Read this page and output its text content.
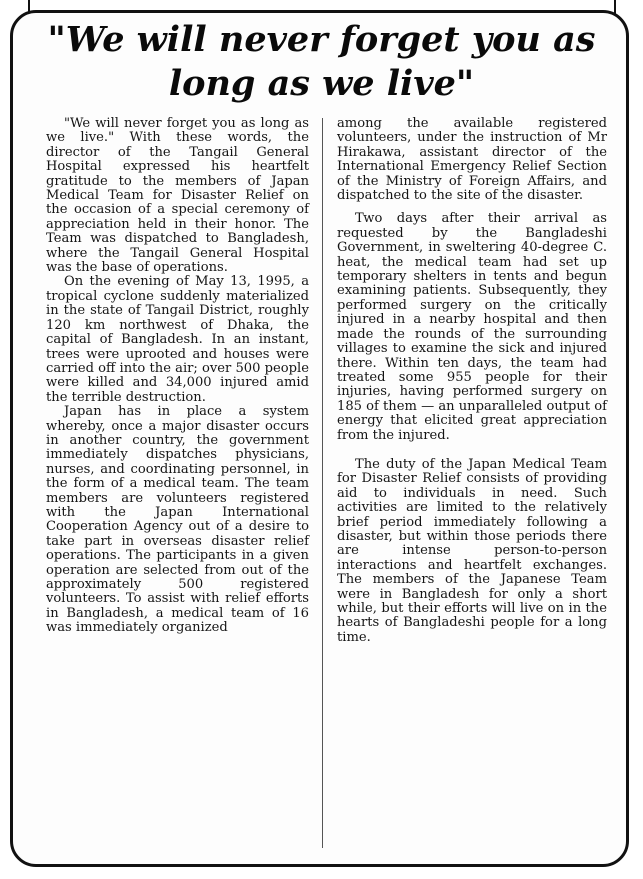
"We will never forget you as long as we live"

"We will never forget you as long as we live." With these words, the director of the Tangail General Hospital expressed his heartfelt gratitude to the members of Japan Medical Team for Disaster Relief on the occasion of a special ceremony of appreciation held in their honor. The Team was dispatched to Bangladesh, where the Tangail General Hospital was the base of operations.

On the evening of May 13, 1995, a tropical cyclone suddenly materialized in the state of Tangail District, roughly 120 km northwest of Dhaka, the capital of Bangladesh. In an instant, trees were uprooted and houses were carried off into the air; over 500 people were killed and 34,000 injured amid the terrible destruction.

Japan has in place a system whereby, once a major disaster occurs in another country, the government immediately dispatches physicians, nurses, and coordinating personnel, in the form of a medical team. The team members are volunteers registered with the Japan International Cooperation Agency out of a desire to take part in overseas disaster relief operations. The participants in a given operation are selected from out of the approximately 500 registered volunteers. To assist with relief efforts in Bangladesh, a medical team of 16 was immediately organized

among the available registered volunteers, under the instruction of Mr Hirakawa, assistant director of the International Emergency Relief Section of the Ministry of Foreign Affairs, and dispatched to the site of the disaster.

Two days after their arrival as requested by the Bangladeshi Government, in sweltering 40-degree C. heat, the medical team had set up temporary shelters in tents and begun examining patients. Subsequently, they performed surgery on the critically injured in a nearby hospital and then made the rounds of the surrounding villages to examine the sick and injured there. Within ten days, the team had treated some 955 people for their injuries, having performed surgery on 185 of them — an unparalleled output of energy that elicited great appreciation from the injured.

The duty of the Japan Medical Team for Disaster Relief consists of providing aid to individuals in need. Such activities are limited to the relatively brief period immediately following a disaster, but within those periods there are intense person-to-person interactions and heartfelt exchanges. The members of the Japanese Team were in Bangladesh for only a short while, but their efforts will live on in the hearts of Bangladeshi people for a long time.
